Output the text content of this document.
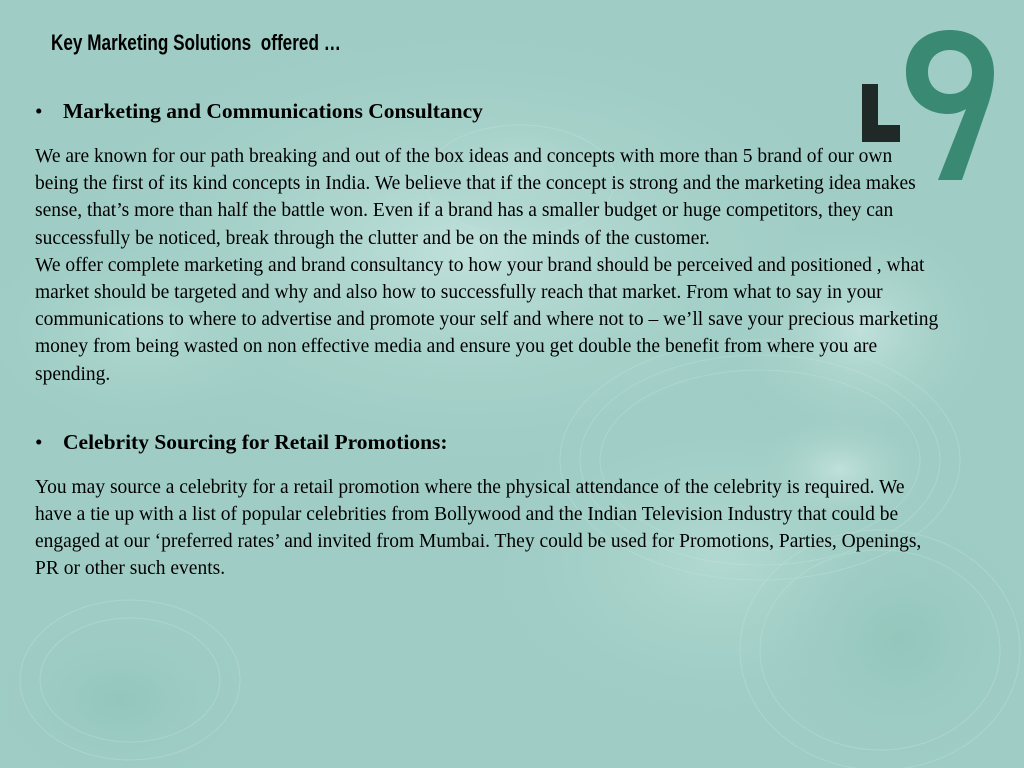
Key Marketing Solutions  offered …
• Marketing and Communications Consultancy

We are known for our path breaking and out of the box ideas and concepts with more than 5 brand of our own being the first of its kind concepts in India. We believe that if the concept is strong and the marketing idea makes sense, that’s more than half the battle won. Even if a brand has a smaller budget or huge competitors, they can successfully be noticed, break through the clutter and be on the minds of the customer.

We offer complete marketing and brand consultancy to how your brand should be perceived and positioned , what market should be targeted and why and also how to successfully reach that market. From what to say in your communications to where to advertise and promote your self and where not to – we’ll save your precious marketing money from being wasted on non effective media and ensure you get double the benefit from where you are spending.

• Celebrity Sourcing for Retail Promotions:

You may source a celebrity for a retail promotion where the physical attendance of the celebrity is required. We have a tie up with a list of popular celebrities from Bollywood and the Indian Television Industry that could be engaged at our ‘preferred rates’ and invited from Mumbai. They could be used for Promotions, Parties, Openings, PR or other such events.
